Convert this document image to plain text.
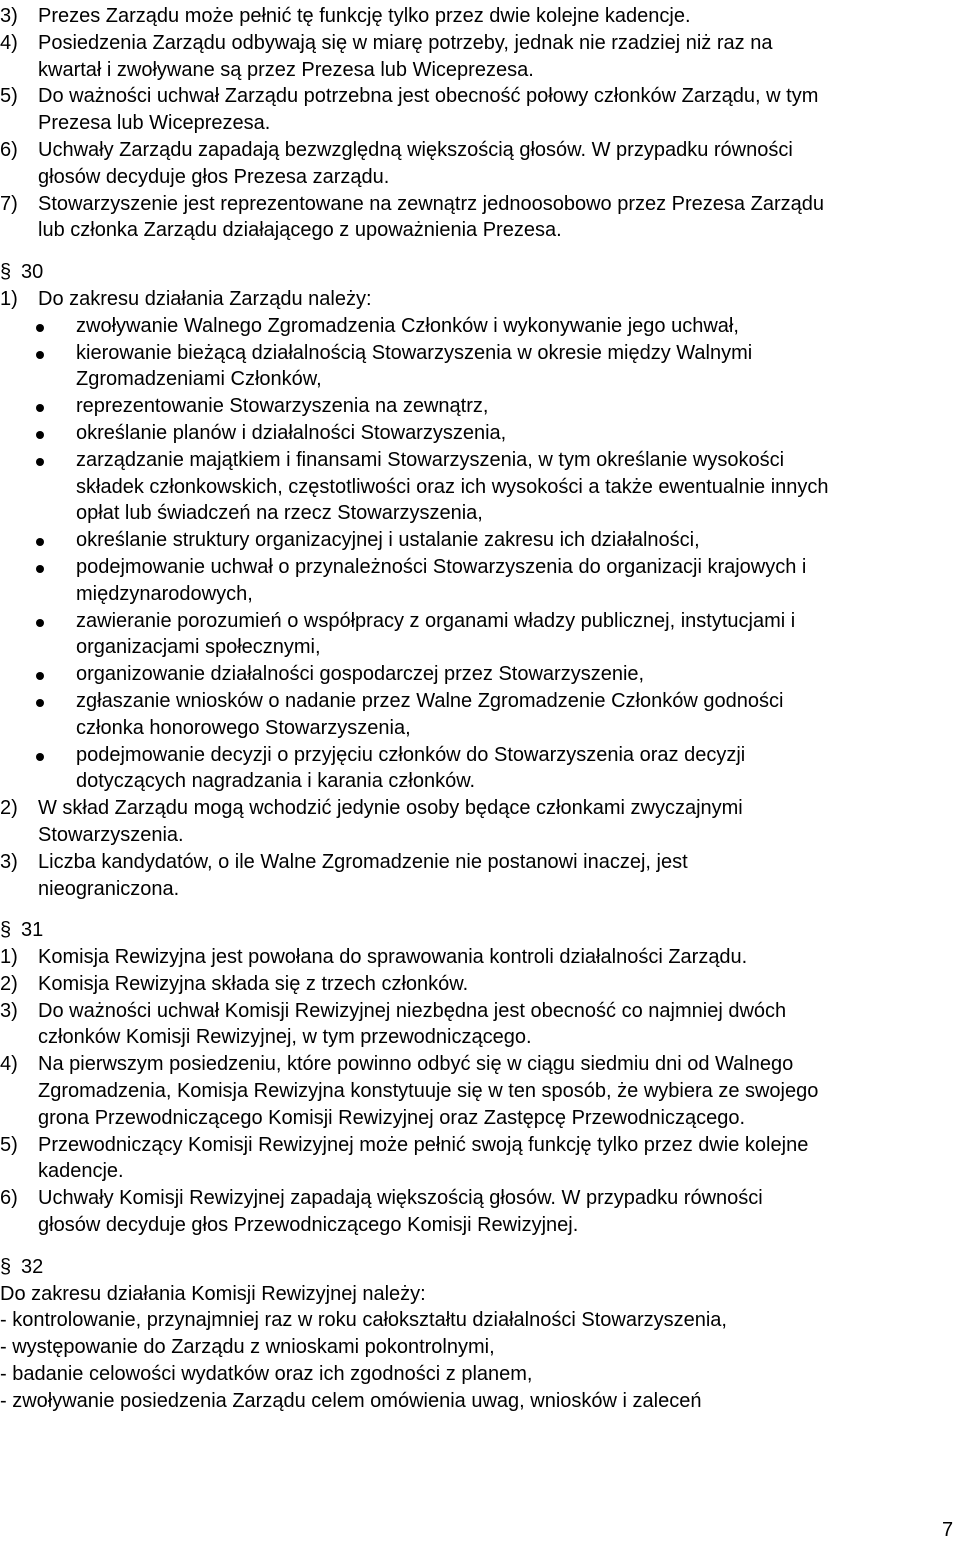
3) Prezes Zarządu może pełnić tę funkcję tylko przez dwie kolejne kadencje.
4) Posiedzenia Zarządu odbywają się w miarę potrzeby, jednak nie rzadziej niż raz na
kwartał i zwoływane są przez Prezesa lub Wiceprezesa.
5) Do ważności uchwał Zarządu potrzebna jest obecność połowy członków Zarządu, w tym
Prezesa lub Wiceprezesa.
6) Uchwały Zarządu zapadają bezwzględną większością głosów. W przypadku równości
głosów decyduje głos Prezesa zarządu.
7) Stowarzyszenie jest reprezentowane na zewnątrz jednoosobowo przez Prezesa Zarządu
lub członka Zarządu działającego z upoważnienia Prezesa.
§ 30
1) Do zakresu działania Zarządu należy:
zwoływanie Walnego Zgromadzenia Członków i wykonywanie jego uchwał,
kierowanie bieżącą działalnością Stowarzyszenia w okresie między Walnymi
Zgromadzeniami Członków,
reprezentowanie Stowarzyszenia na zewnątrz,
określanie planów i działalności Stowarzyszenia,
zarządzanie majątkiem i finansami Stowarzyszenia, w tym określanie wysokości
składek członkowskich, częstotliwości oraz ich wysokości a także ewentualnie innych
opłat lub świadczeń na rzecz Stowarzyszenia,
określanie struktury organizacyjnej i ustalanie zakresu ich działalności,
podejmowanie uchwał o przynależności Stowarzyszenia do organizacji krajowych i
międzynarodowych,
zawieranie porozumień o współpracy z organami władzy publicznej, instytucjami i
organizacjami społecznymi,
organizowanie działalności gospodarczej przez Stowarzyszenie,
zgłaszanie wniosków o nadanie przez Walne Zgromadzenie Członków godności
członka honorowego Stowarzyszenia,
podejmowanie decyzji o przyjęciu członków do Stowarzyszenia oraz decyzji
dotyczących nagradzania i karania członków.
2) W skład Zarządu mogą wchodzić jedynie osoby będące członkami zwyczajnymi
Stowarzyszenia.
3) Liczba kandydatów, o ile Walne Zgromadzenie nie postanowi inaczej, jest
nieograniczona.
§ 31
1) Komisja Rewizyjna jest powołana do sprawowania kontroli działalności Zarządu.
2) Komisja Rewizyjna składa się z trzech członków.
3) Do ważności uchwał Komisji Rewizyjnej niezbędna jest obecność co najmniej dwóch
członków Komisji Rewizyjnej, w tym przewodniczącego.
4) Na pierwszym posiedzeniu, które powinno odbyć się w ciągu siedmiu dni od Walnego
Zgromadzenia, Komisja Rewizyjna konstytuuje się w ten sposób, że wybiera ze swojego
grona Przewodniczącego Komisji Rewizyjnej oraz Zastępcę Przewodniczącego.
5) Przewodniczący Komisji Rewizyjnej może pełnić swoją funkcję tylko przez dwie kolejne
kadencje.
6) Uchwały Komisji Rewizyjnej zapadają większością głosów. W przypadku równości
głosów decyduje głos Przewodniczącego Komisji Rewizyjnej.
§ 32
Do zakresu działania Komisji Rewizyjnej należy:
- kontrolowanie, przynajmniej raz w roku całokształtu działalności Stowarzyszenia,
- występowanie do Zarządu z wnioskami pokontrolnymi,
- badanie celowości wydatków oraz ich zgodności z planem,
- zwoływanie posiedzenia Zarządu celem omówienia uwag, wniosków i zaleceń
7
